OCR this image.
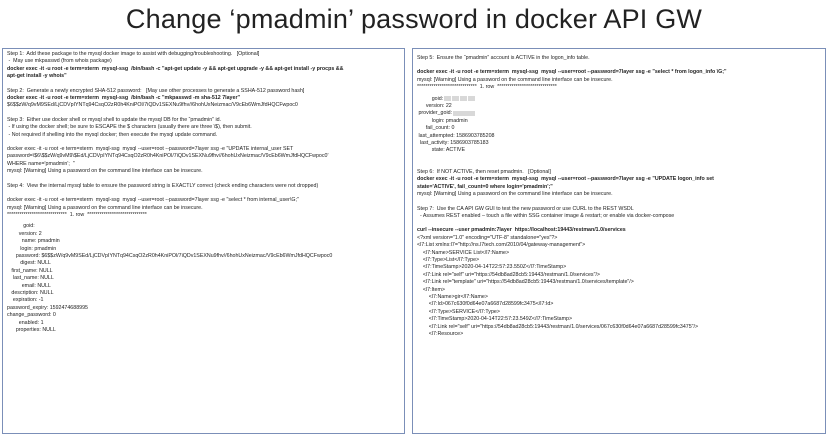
Change ‘pmadmin’ password in docker API GW
Step 1:  Add these package to the mysql docker image to assist with debugging/troubleshooting.   [Optional]
-  May use mkpasswd (from whois package)
docker exec -it -u root -e term=xterm  mysql-ssg  /bin/bash -c "apt-get update -y && apt-get upgrade -y && apt-get install -y procps &&
apt-get install -y whois"
Step 2:  Generate a newly encrypted SHA-512 password:   [May use other processes to generate a SSHA-512 password hash]
docker exec -it -u root -e term=xterm  mysql-ssg  /bin/bash -c "mkpasswd -m sha-512 7layer"
$6$$zW/q9vM9SEd/LjCDVpIYNTq94CsqO2zR0h4KniPOl/7iQDv1SEXNu9fhv//6hohUxNeizmac/V9cEb6WmJfdHQCFwpoc0
Step 3:  Either use docker shell or mysql shell to update the mysql DB for the “pmadmin” id.
- If using the docker shell; be sure to ESCAPE the $ characters (usually there are three \$), then submit.
- Not required if shelling into the mysql docker; then execute the mysql update command.
docker exec -it -u root -e term=xterm  mysql-ssg  mysql --user=root --password=7layer ssg -e "UPDATE internal_user SET
password=\$6\$$zW/q9vM9\$Ed/LjCDVpIYNTq94CsqO2zR0h4KniPOl/7iQDv1SEXNu9fhv//6hohUxNeizmac/V9cEb6WmJfdHQCFwpoc0'
WHERE name='pmadmin';  "
mysql: [Warning] Using a password on the command line interface can be insecure.
Step 4:  View the internal mysql table to ensure the password string is EXACTLY correct (check ending characters were not dropped)
docker exec -it -u root -e term=xterm  mysql-ssg  mysql --user=root --password=7layer ssg -e "select * from internal_user\G;"
mysql: [Warning] Using a password on the command line interface can be insecure.
*****************************  1. row  *****************************
goid:
version: 2
name: pmadmin
login: pmadmin
password: $6$$zW/q9vM9SEd/LjCDVpIYNTq94CsqO2zR0h4KniPOl/7iQDv1SEXNu9fhv//6hohUxNeizmac/V9cEb6WmJfdHQCFwpoc0
digest: NULL
first_name: NULL
last_name: NULL
email: NULL
description: NULL
expiration: -1
password_expiry: 1592474688995
change_password: 0
enabled: 1
properties: NULL
Step 5:  Ensure the “pmadmin” account is ACTIVE in the logon_info table.
docker exec -it -u root -e term=xterm  mysql-ssg  mysql --user=root --password=7layer ssg -e "select * from logon_info \G;"
mysql: [Warning] Using a password on the command line interface can be insecure.
*****************************  1. row  *****************************
goid:
version: 22
provider_goid:
login: pmadmin
fail_count: 0
last_attempted: 1586903785208
last_activity: 1586903785183
state: ACTIVE
Step 6:  If NOT ACTIVE, then reset pmadmin.   [Optional]
docker exec -it -u root -e term=xterm  mysql-ssg  mysql --user=root --password=7layer ssg -e "UPDATE logon_info set
state='ACTIVE', fail_count=0 where login='pmadmin';"
mysql: [Warning] Using a password on the command line interface can be insecure.
Step 7:  Use the CA API GW GUI to test the new password or use CURL to the REST WSDL
- Assumes REST enabled – touch a file within SSG container image & restart; or enable via docker-compose
curl --insecure --user pmadmin:7layer  https://localhost:19443/restman/1.0/services
<?xml version="1.0" encoding="UTF-8" standalone="yes"?>
<l7:List xmlns:l7="http://ns.l7tech.com/2010/04/gateway-management">
<l7:Name>SERVICE List</l7:Name>
<l7:Type>List</l7:Type>
<l7:TimeStamp>2020-04-14T22:57:23.550Z</l7:TimeStamp>
<l7:Link rel="self" uri="https://54db8ad28cb5:19443/restman/1.0/services"/>
<l7:Link rel="template" uri="https://54db8ad28cb5:19443/restman/1.0/services/template"/>
<l7:Item>
<l7:Name>gir</l7:Name>
<l7:Id>067c630f0d64e07a6687d28599fc3475</l7:Id>
<l7:Type>SERVICE</l7:Type>
<l7:TimeStamp>2020-04-14T22:57:23.549Z</l7:TimeStamp>
<l7:Link rel="self" uri="https://54db8ad28cb5:19443/restman/1.0/services/067c630f0d64e07a6687d28599fc3475"/>
<l7:Resource>
